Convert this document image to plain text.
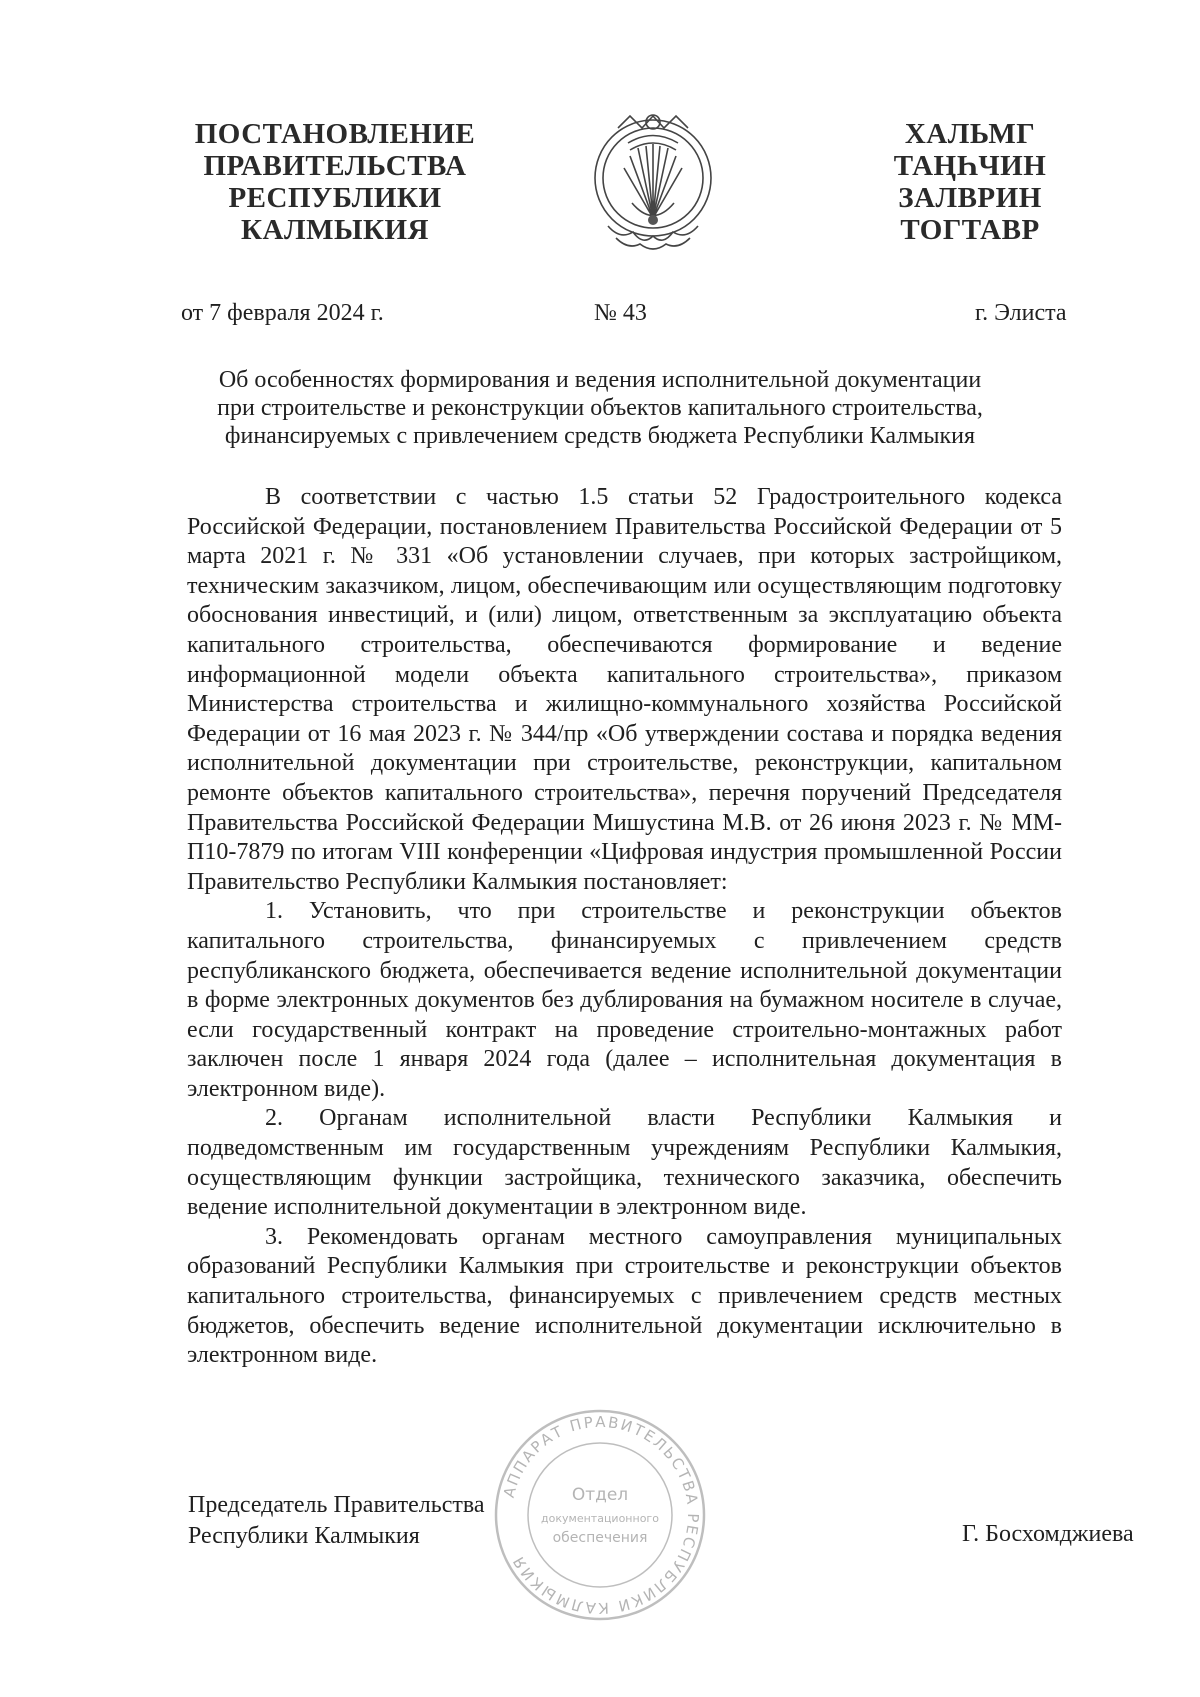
ПОСТАНОВЛЕНИЕ
ПРАВИТЕЛЬСТВА
РЕСПУБЛИКИ
КАЛМЫКИЯ
ХАЛЬМГ
ТАҢҺЧИН
ЗАЛВРИН
ТОГТАВР
от 7 февраля 2024 г.	№ 43	г. Элиста
Об особенностях формирования и ведения исполнительной документации
при строительстве и реконструкции объектов капитального строительства,
финансируемых с привлечением средств бюджета Республики Калмыкия

В соответствии с частью 1.5 статьи 52 Градостроительного кодекса Российской Федерации, постановлением Правительства Российской Федерации от 5 марта 2021 г. № 331 «Об установлении случаев, при которых застройщиком, техническим заказчиком, лицом, обеспечивающим или осуществляющим подготовку обоснования инвестиций, и (или) лицом, ответственным за эксплуатацию объекта капитального строительства, обеспечиваются формирование и ведение информационной модели объекта капитального строительства», приказом Министерства строительства и жилищно-коммунального хозяйства Российской Федерации от 16 мая 2023 г. № 344/пр «Об утверждении состава и порядка ведения исполнительной документации при строительстве, реконструкции, капитальном ремонте объектов капитального строительства», перечня поручений Председателя Правительства Российской Федерации Мишустина М.В. от 26 июня 2023 г. № ММ-П10-7879 по итогам VIII конференции «Цифровая индустрия промышленной России Правительство Республики Калмыкия постановляет:

1. Установить, что при строительстве и реконструкции объектов капитального строительства, финансируемых с привлечением средств республиканского бюджета, обеспечивается ведение исполнительной документации в форме электронных документов без дублирования на бумажном носителе в случае, если государственный контракт на проведение строительно-монтажных работ заключен после 1 января 2024 года (далее – исполнительная документация в электронном виде).

2. Органам исполнительной власти Республики Калмыкия и подведомственным им государственным учреждениям Республики Калмыкия, осуществляющим функции застройщика, технического заказчика, обеспечить ведение исполнительной документации в электронном виде.

3. Рекомендовать органам местного самоуправления муниципальных образований Республики Калмыкия при строительстве и реконструкции объектов капитального строительства, финансируемых с привлечением средств местных бюджетов, обеспечить ведение исполнительной документации исключительно в электронном виде.

Председатель Правительства
Республики Калмыкия
АППАРАТ ПРАВИТЕЛЬСТВА РЕСПУБЛИКИ КАЛМЫКИЯ
Отдел
документационного
обеспечения	Г. Босхомджиева
